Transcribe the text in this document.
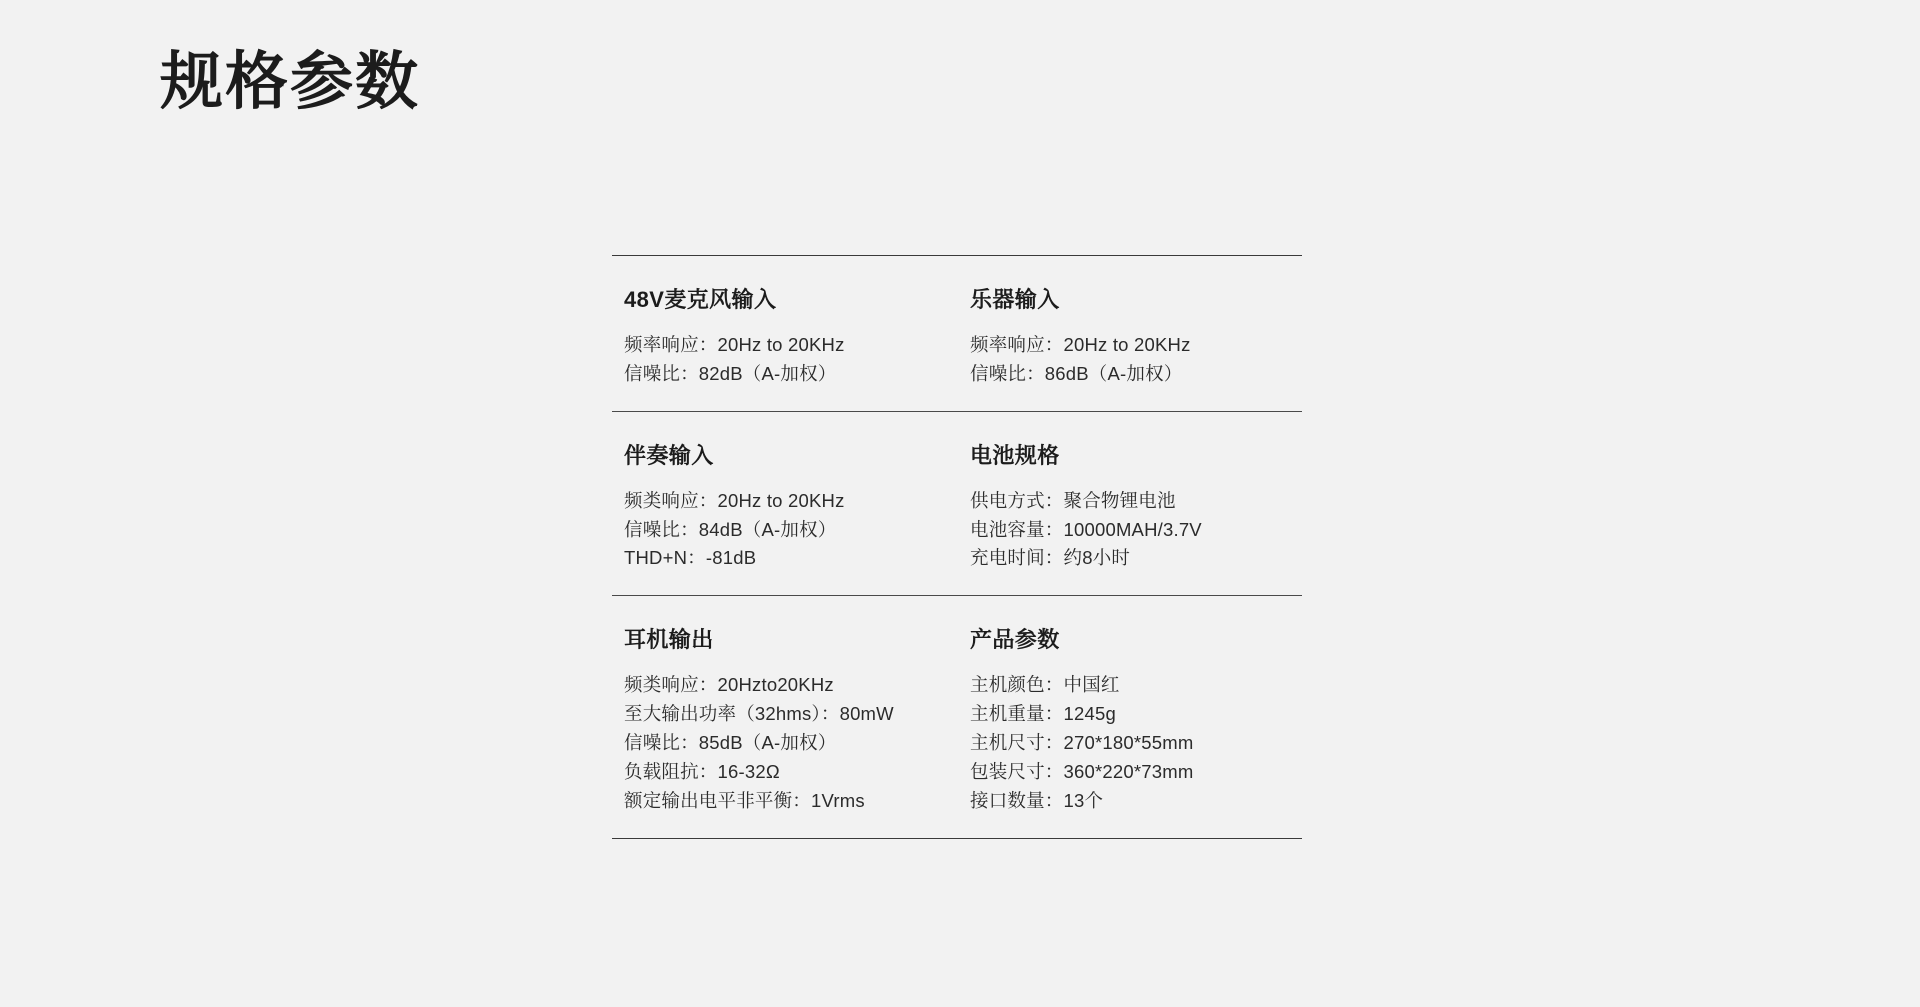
规格参数
48V麦克风输入
频率响应：20Hz to 20KHz
信噪比：82dB（A-加权）
乐器输入
频率响应：20Hz to 20KHz
信噪比：86dB（A-加权）
伴奏输入
频类响应：20Hz to 20KHz
信噪比：84dB（A-加权）
THD+N：-81dB
电池规格
供电方式：聚合物锂电池
电池容量：10000MAH/3.7V
充电时间：约8小时
耳机输出
频类响应：20Hzto20KHz
至大输出功率（32hms）：80mW
信噪比：85dB（A-加权）
负载阻抗：16-32Ω
额定输出电平非平衡：1Vrms
产品参数
主机颜色：中国红
主机重量：1245g
主机尺寸：270*180*55mm
包装尺寸：360*220*73mm
接口数量：13个
